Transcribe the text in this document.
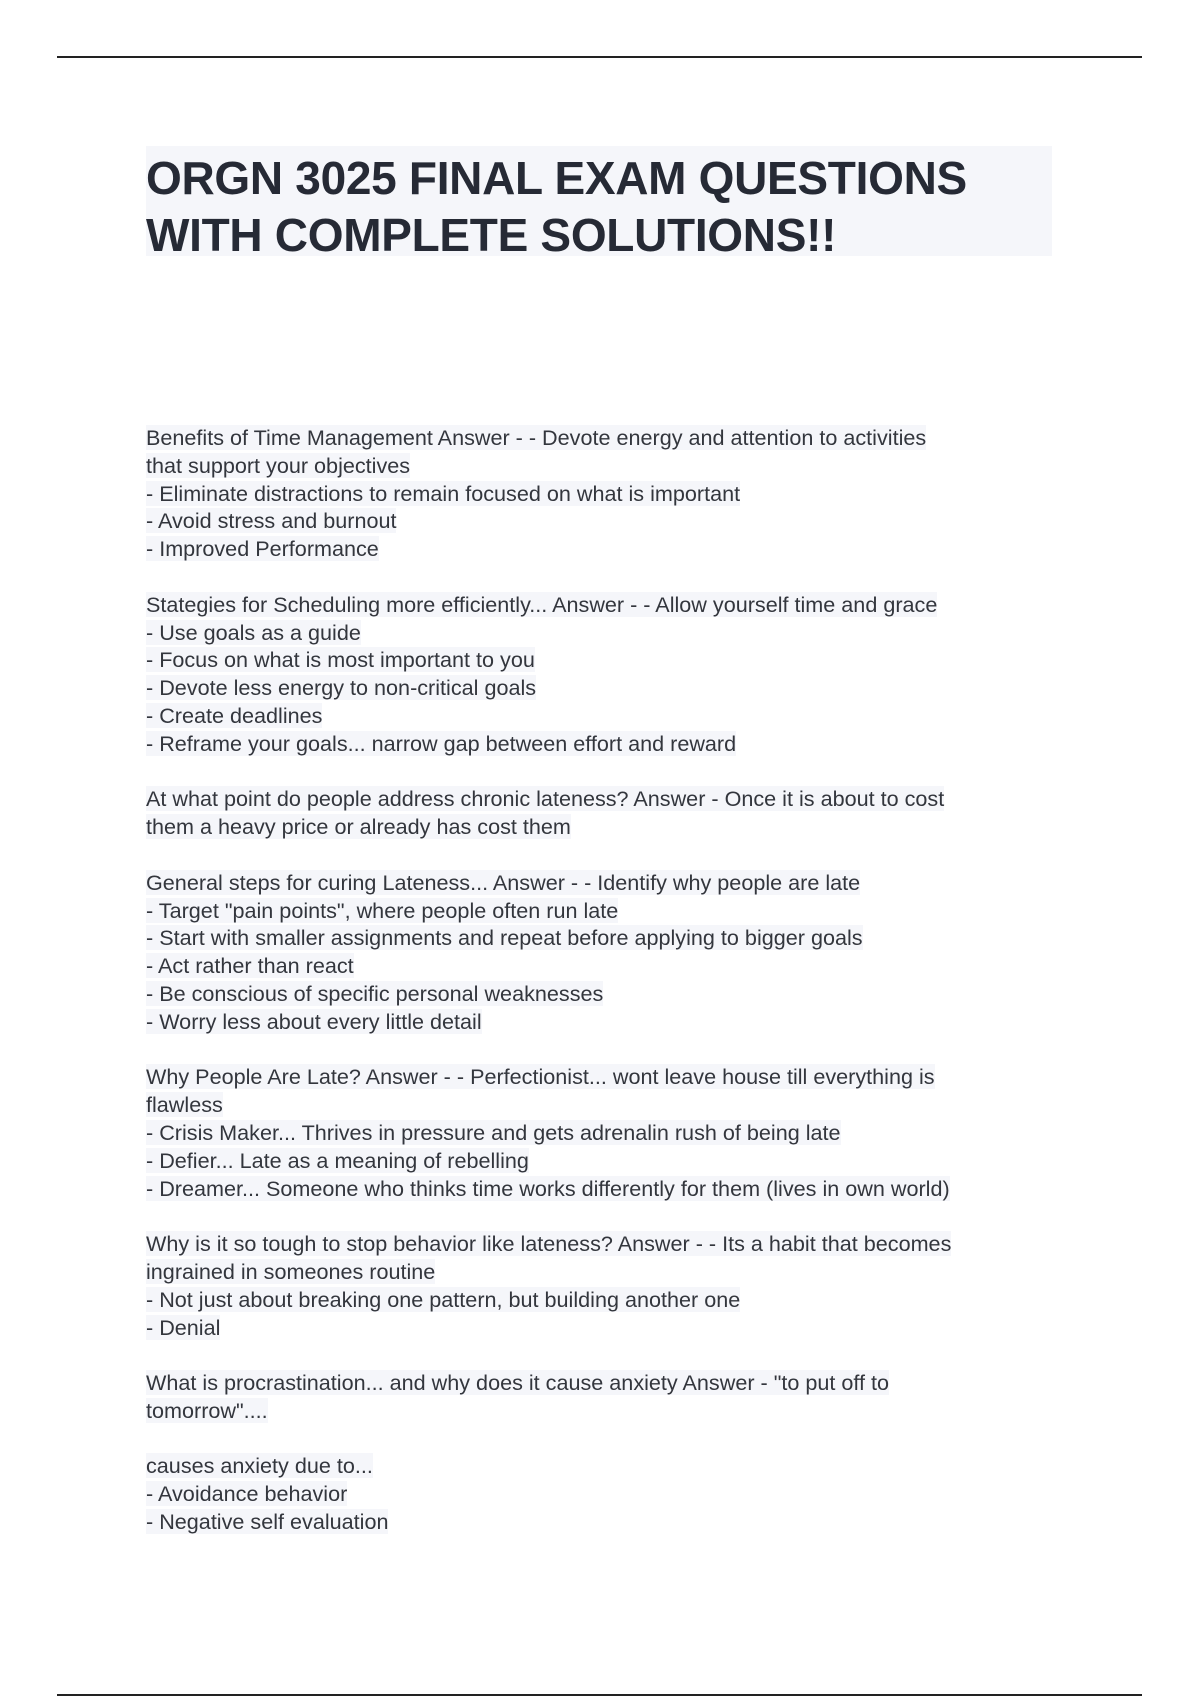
ORGN 3025 FINAL EXAM QUESTIONS
WITH COMPLETE SOLUTIONS!!
Benefits of Time Management Answer - - Devote energy and attention to activities
that support your objectives
- Eliminate distractions to remain focused on what is important
- Avoid stress and burnout
- Improved Performance
Stategies for Scheduling more efficiently... Answer - - Allow yourself time and grace
- Use goals as a guide
- Focus on what is most important to you
- Devote less energy to non-critical goals
- Create deadlines
- Reframe your goals... narrow gap between effort and reward
At what point do people address chronic lateness? Answer - Once it is about to cost
them a heavy price or already has cost them
General steps for curing Lateness... Answer - - Identify why people are late
- Target "pain points", where people often run late
- Start with smaller assignments and repeat before applying to bigger goals
- Act rather than react
- Be conscious of specific personal weaknesses
- Worry less about every little detail
Why People Are Late? Answer - - Perfectionist... wont leave house till everything is
flawless
- Crisis Maker... Thrives in pressure and gets adrenalin rush of being late
- Defier... Late as a meaning of rebelling
- Dreamer... Someone who thinks time works differently for them (lives in own world)
Why is it so tough to stop behavior like lateness? Answer - - Its a habit that becomes
ingrained in someones routine
- Not just about breaking one pattern, but building another one
- Denial
What is procrastination... and why does it cause anxiety Answer - "to put off to
tomorrow"....
causes anxiety due to...
- Avoidance behavior
- Negative self evaluation
